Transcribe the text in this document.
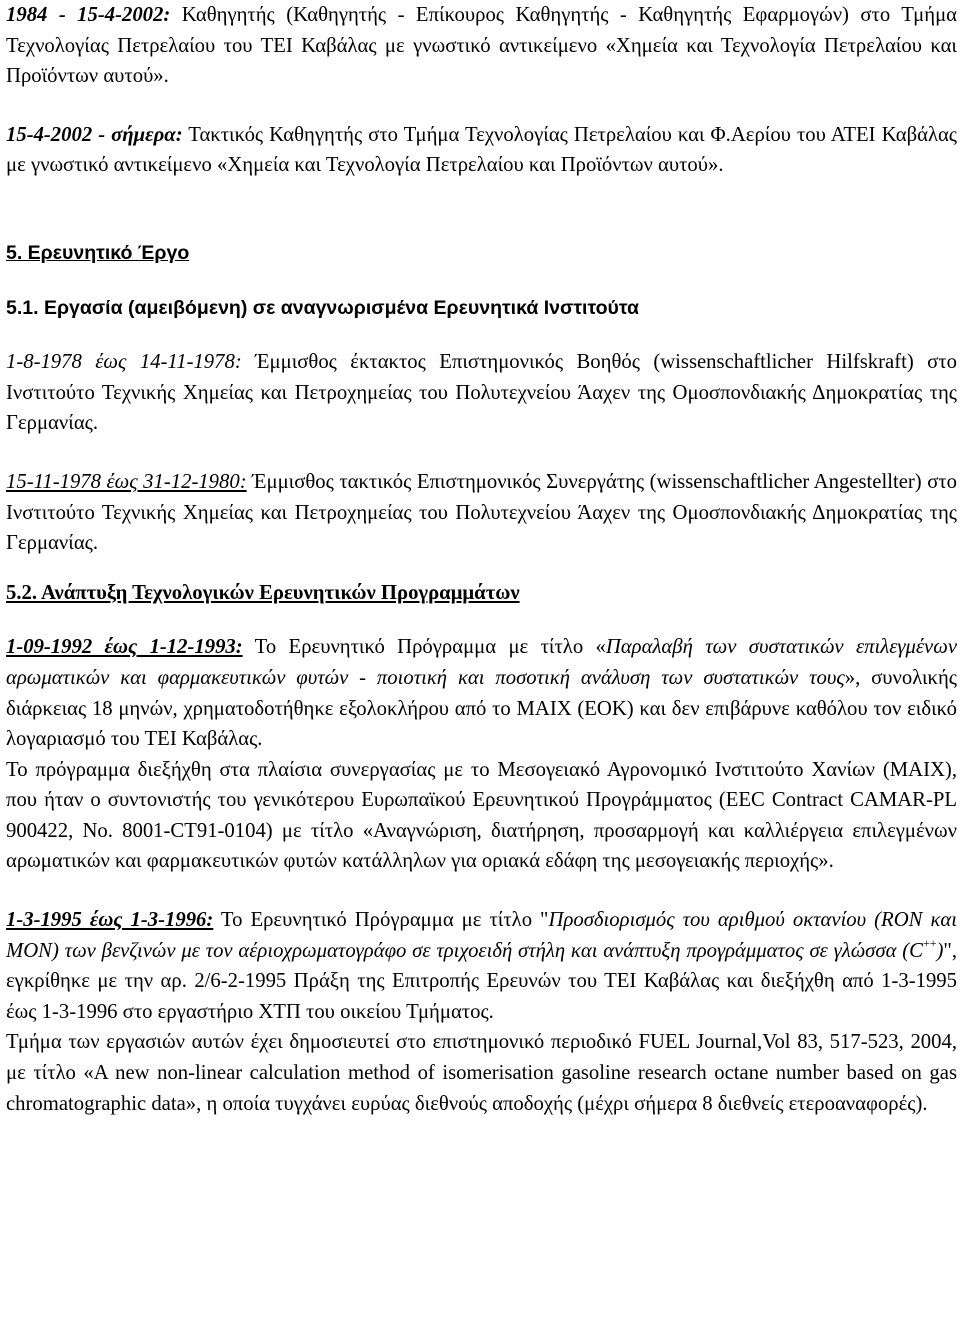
1984 - 15-4-2002: Καθηγητής (Καθηγητής - Επίκουρος Καθηγητής - Καθηγητής Εφαρμογών) στο Τμήμα Τεχνολογίας Πετρελαίου του ΤΕΙ Καβάλας με γνωστικό αντικείμενο «Χημεία και Τεχνολογία Πετρελαίου και Προϊόντων αυτού».

15-4-2002 - σήμερα: Τακτικός Καθηγητής στο Τμήμα Τεχνολογίας Πετρελαίου και Φ.Αερίου του ΑΤΕΙ Καβάλας με γνωστικό αντικείμενο «Χημεία και Τεχνολογία Πετρελαίου και Προϊόντων αυτού».

5. Ερευνητικό Έργο

5.1. Εργασία (αμειβόμενη) σε αναγνωρισμένα Ερευνητικά Ινστιτούτα

1-8-1978 έως 14-11-1978: Έμμισθος έκτακτος Επιστημονικός Βοηθός (wissenschaftlicher Hilfskraft) στο Ινστιτούτο Τεχνικής Χημείας και Πετροχημείας του Πολυτεχνείου Άαχεν της Ομοσπονδιακής Δημοκρατίας της Γερμανίας.

15-11-1978 έως 31-12-1980: Έμμισθος τακτικός Επιστημονικός Συνεργάτης (wissenschaftlicher Angestellter) στο Ινστιτούτο Τεχνικής Χημείας και Πετροχημείας του Πολυτεχνείου Άαχεν της Ομοσπονδιακής Δημοκρατίας της Γερμανίας.

5.2. Ανάπτυξη Τεχνολογικών Ερευνητικών Προγραμμάτων

1-09-1992 έως 1-12-1993: Το Ερευνητικό Πρόγραμμα με τίτλο «Παραλαβή των συστατικών επιλεγμένων αρωματικών και φαρμακευτικών φυτών - ποιοτική και ποσοτική ανάλυση των συστατικών τους», συνολικής διάρκειας 18 μηνών, χρηματοδοτήθηκε εξολοκλήρου από το MAIX (ΕΟΚ) και δεν επιβάρυνε καθόλου τον ειδικό λογαριασμό του ΤΕΙ Καβάλας.

Το πρόγραμμα διεξήχθη στα πλαίσια συνεργασίας με το Μεσογειακό Αγρονομικό Ινστιτούτο Χανίων (MAIX), που ήταν ο συντονιστής του γενικότερου Ευρωπαϊκού Ερευνητικού Προγράμματος (EEC Contract CAMAR-PL 900422, No. 8001-CT91-0104) με τίτλο «Αναγνώριση, διατήρηση, προσαρμογή και καλλιέργεια επιλεγμένων αρωματικών και φαρμακευτικών φυτών κατάλληλων για οριακά εδάφη της μεσογειακής περιοχής».

1-3-1995 έως 1-3-1996: Το Ερευνητικό Πρόγραμμα με τίτλο "Προσδιορισμός του αριθμού οκτανίου (RON και MON) των βενζινών με τον αέριοχρωματογράφο σε τριχοειδή στήλη και ανάπτυξη προγράμματος σε γλώσσα (C++)", εγκρίθηκε με την αρ. 2/6-2-1995 Πράξη της Επιτροπής Ερευνών του ΤΕΙ Καβάλας και διεξήχθη από 1-3-1995 έως 1-3-1996 στο εργαστήριο ΧΤΠ του οικείου Τμήματος.

Τμήμα των εργασιών αυτών έχει δημοσιευτεί στο επιστημονικό περιοδικό FUEL Journal,Vol 83, 517-523, 2004, με τίτλο «A new non-linear calculation method of isomerisation gasoline research octane number based on gas chromatographic data», η οποία τυγχάνει ευρύας διεθνούς αποδοχής (μέχρι σήμερα 8 διεθνείς ετεροαναφορές).
